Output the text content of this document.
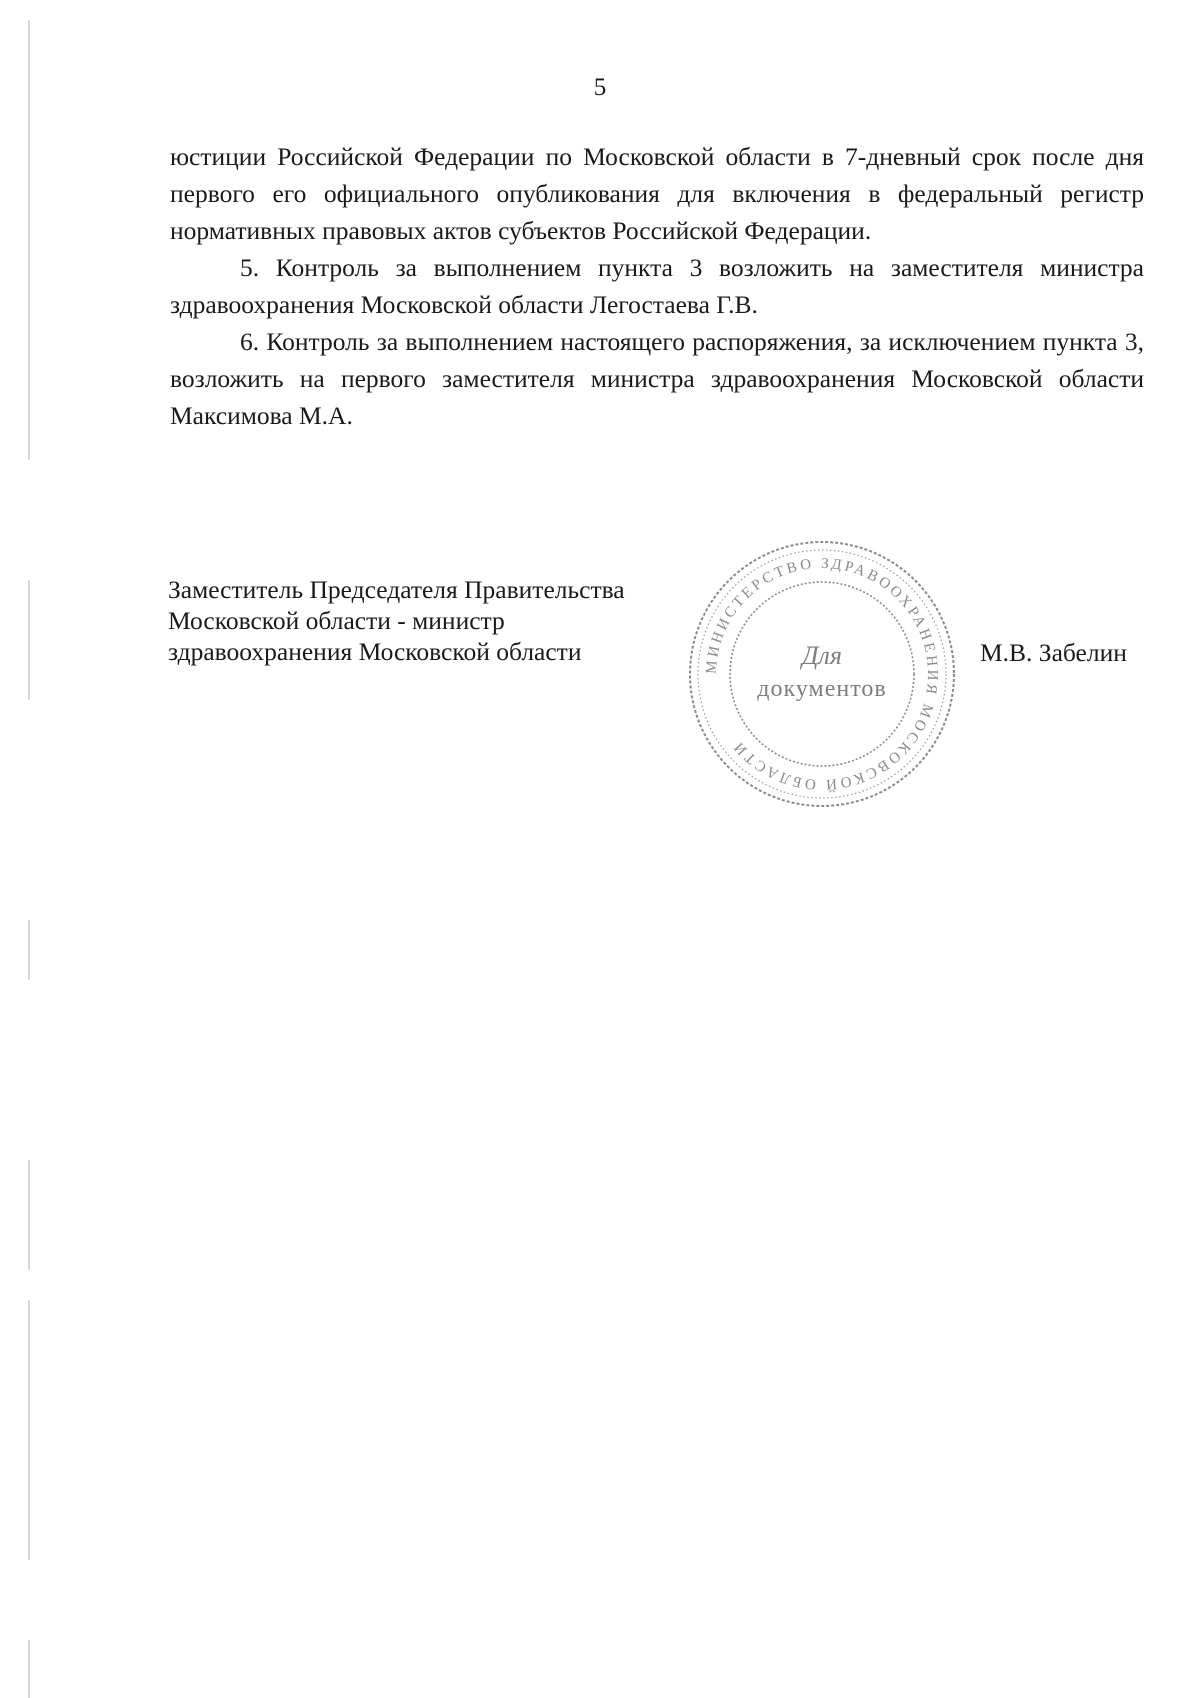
5

юстиции Российской Федерации по Московской области в 7-дневный срок после дня первого его официального опубликования для включения в федеральный регистр нормативных правовых актов субъектов Российской Федерации.

5. Контроль за выполнением пункта 3 возложить на заместителя министра здравоохранения Московской области Легостаева Г.В.

6. Контроль за выполнением настоящего распоряжения, за исключением пункта 3, возложить на первого заместителя министра здравоохранения Московской области Максимова М.А.

Заместитель Председателя Правительства
Московской области - министр
здравоохранения Московской области	МИНИСТЕРСТВО ЗДРАВООХРАНЕНИЯ МОСКОВСКОЙ ОБЛАСТИ
Для
документов
М.В. Забелин
